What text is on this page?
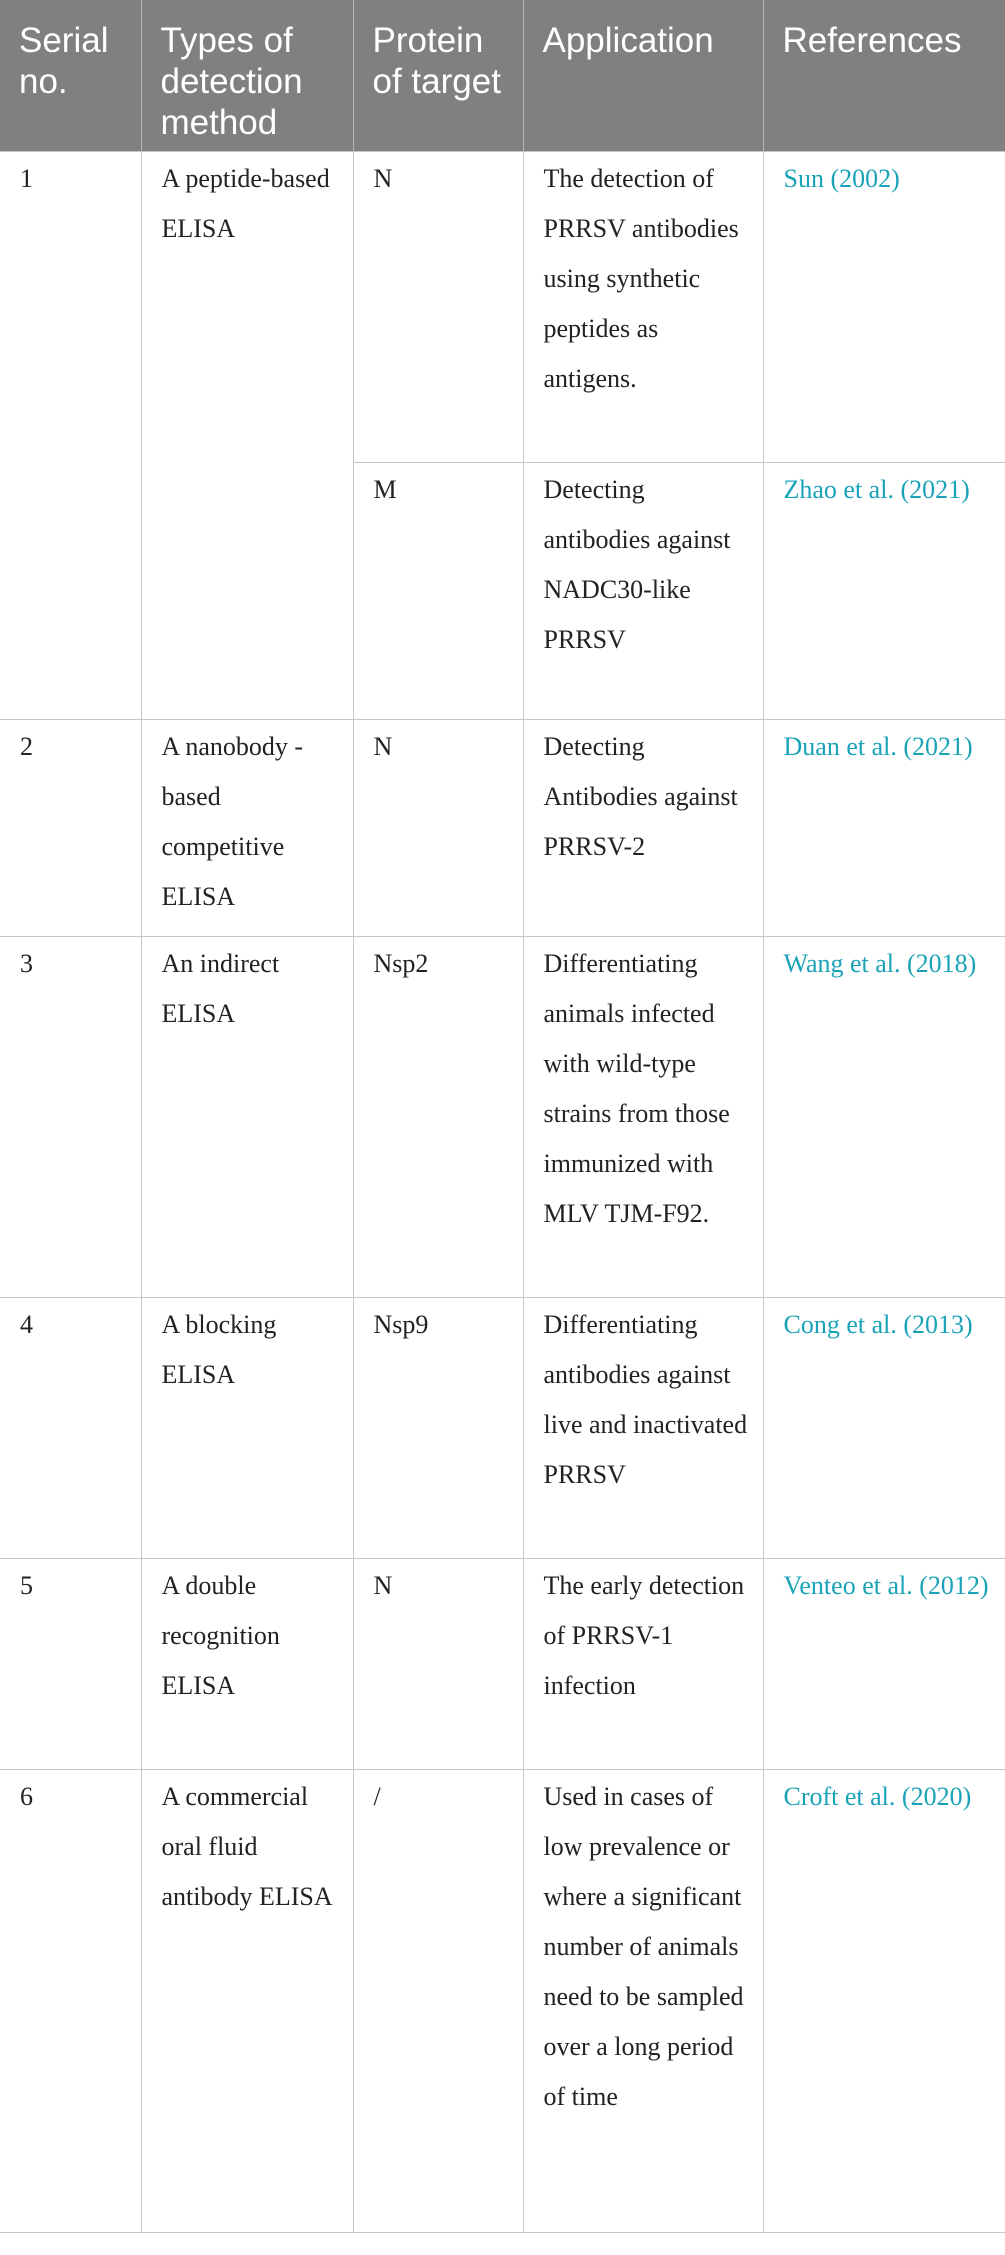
Serial no.	Types of detection method	Protein of target	Application	References
1	A peptide-based ELISA	N	The detection of PRRSV antibodies using synthetic peptides as antigens.	Sun (2002)
		M	Detecting antibodies against NADC30-like PRRSV	Zhao et al. (2021)
2	A nanobody -based competitive ELISA	N	Detecting Antibodies against PRRSV-2	Duan et al. (2021)
3	An indirect ELISA	Nsp2	Differentiating animals infected with wild-type strains from those immunized with MLV TJM-F92.	Wang et al. (2018)
4	A blocking ELISA	Nsp9	Differentiating antibodies against live and inactivated PRRSV	Cong et al. (2013)
5	A double recognition ELISA	N	The early detection of PRRSV-1 infection	Venteo et al. (2012)
6	A commercial oral fluid antibody ELISA	/	Used in cases of low prevalence or where a significant number of animals need to be sampled over a long period of time	Croft et al. (2020)
